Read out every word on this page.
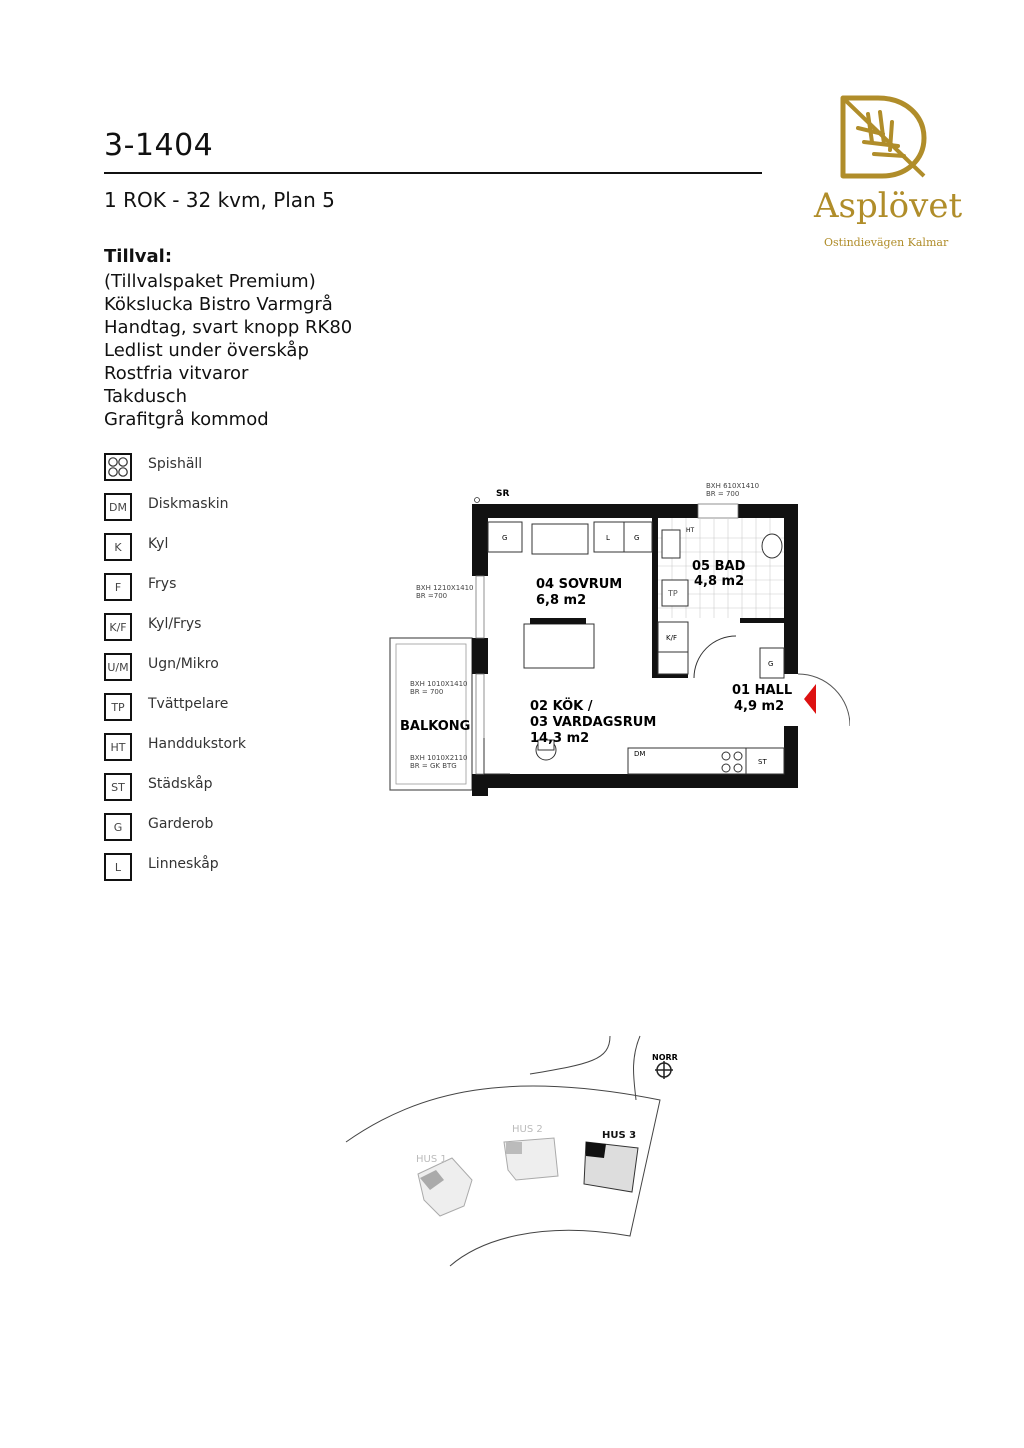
3-1404
1 ROK - 32 kvm, Plan 5
Tillval:
(Tillvalspaket Premium)
Kökslucka Bistro Varmgrå
Handtag, svart knopp RK80
Ledlist under överskåp
Rostfria vitvaror
Takdusch
Grafitgrå kommod
Spishäll
DM	Diskmaskin
K	Kyl
F	Frys
K/F	Kyl/Frys
U/M Ugn/Mikro
TP	Tvättpelare
HT	Handdukstork
ST	Städskåp
G	Garderob
L	Linneskåp
Asplövet
Ostindievägen Kalmar
SR
BXH 610X1410
BR = 700
BXH 1210X1410
BR =700
BXH 1010X1410
BR = 700
BXH 1010X2110
BR = GK BTG
04 SOVRUM
6,8 m2
05 BAD
4,8 m2
01 HALL
4,9 m2
02 KÖK /
03 VARDAGSRUM
14,3 m2
BALKONG
G	L	G
HT
TP
K/F
G
DM
ST
NORR
HUS 1
HUS 2
HUS 3
